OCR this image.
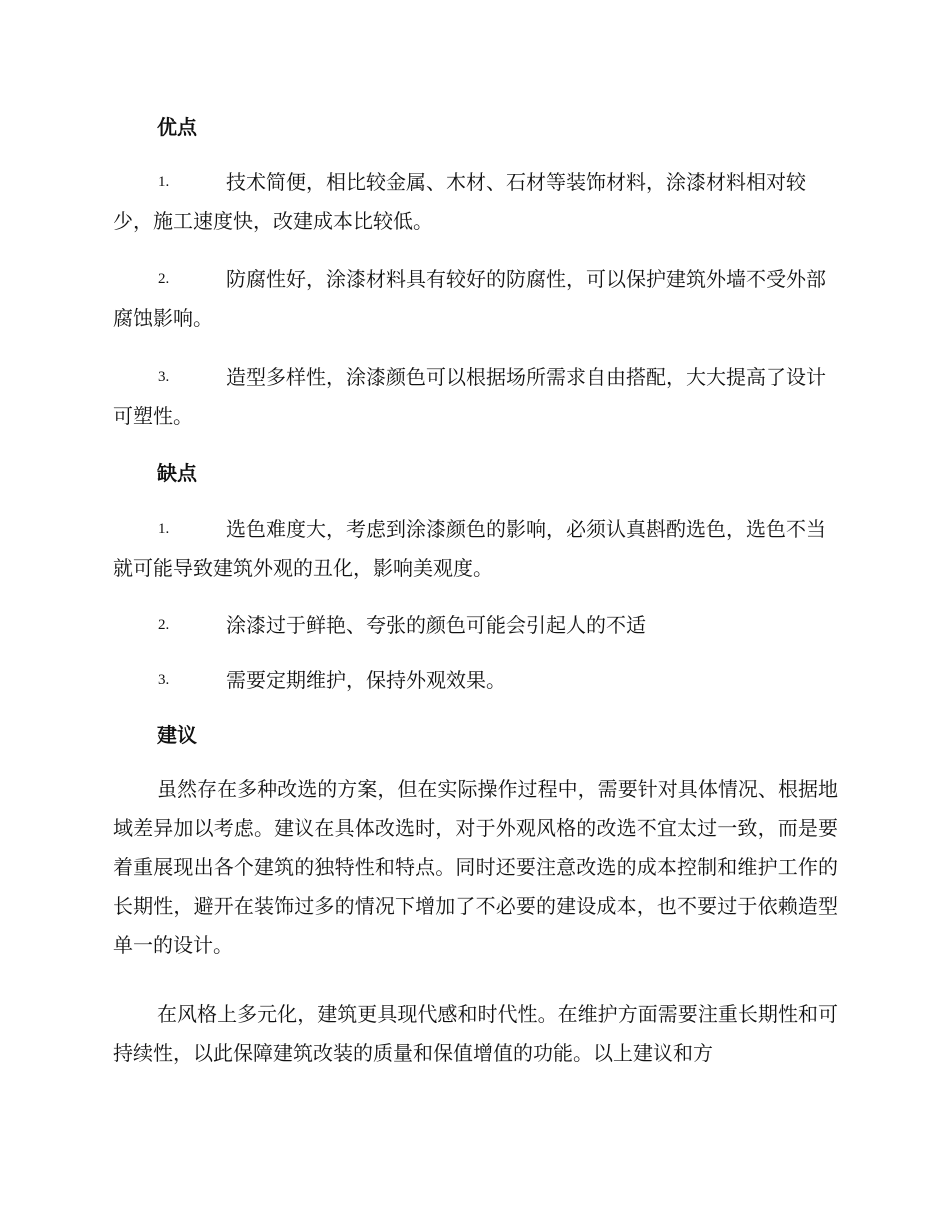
优点

1.	技术简便，相比较金属、木材、石材等装饰材料，涂漆材料相对较少，施工速度快，改建成本比较低。

2.	防腐性好，涂漆材料具有较好的防腐性，可以保护建筑外墙不受外部腐蚀影响。

3.	造型多样性，涂漆颜色可以根据场所需求自由搭配，大大提高了设计可塑性。

缺点

1.	选色难度大，考虑到涂漆颜色的影响，必须认真斟酌选色，选色不当就可能导致建筑外观的丑化，影响美观度。

2.	涂漆过于鲜艳、夸张的颜色可能会引起人的不适

3.	需要定期维护，保持外观效果。

建议

虽然存在多种改选的方案，但在实际操作过程中，需要针对具体情况、根据地域差异加以考虑。建议在具体改选时，对于外观风格的改选不宜太过一致，而是要着重展现出各个建筑的独特性和特点。同时还要注意改选的成本控制和维护工作的长期性，避开在装饰过多的情况下增加了不必要的建设成本，也不要过于依赖造型单一的设计。

在风格上多元化，建筑更具现代感和时代性。在维护方面需要注重长期性和可持续性，以此保障建筑改装的质量和保值增值的功能。以上建议和方
